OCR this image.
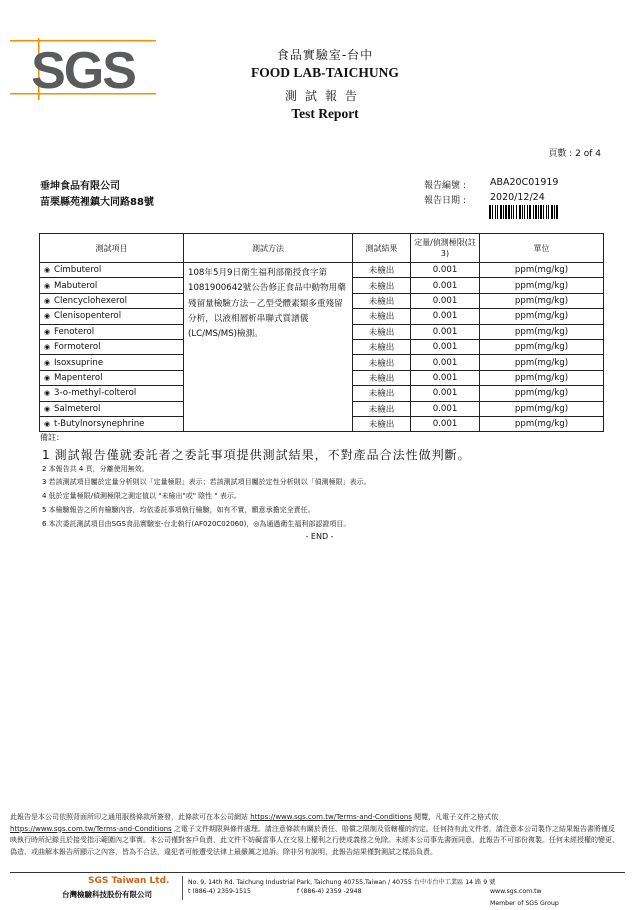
SGS	食品實驗室-台中
FOOD LAB-TAICHUNG
測試報告
Test Report
頁數 : 2 of 4
垂坤食品有限公司
苗栗縣苑裡鎮大同路88號
報告編號 :	ABA20C01919
報告日期 :	2020/12/24
測試項目	測試方法	測試結果	定量/偵測極限(註3)	單位
◉ Cimbuterol	108年5月9日衛生福利部衛授食字第1081900642號公告修正食品中動物用藥殘留量檢驗方法－乙型受體素類多重殘留分析，以液相層析串聯式質譜儀(LC/MS/MS)檢測。	未檢出	0.001	ppm(mg/kg)
◉ Mabuterol		未檢出	0.001	ppm(mg/kg)
◉ Clencyclohexerol		未檢出	0.001	ppm(mg/kg)
◉ Clenisopenterol		未檢出	0.001	ppm(mg/kg)
◉ Fenoterol		未檢出	0.001	ppm(mg/kg)
◉ Formoterol		未檢出	0.001	ppm(mg/kg)
◉ Isoxsuprine		未檢出	0.001	ppm(mg/kg)
◉ Mapenterol		未檢出	0.001	ppm(mg/kg)
◉ 3-o-methyl-colterol		未檢出	0.001	ppm(mg/kg)
◉ Salmeterol		未檢出	0.001	ppm(mg/kg)
◉ t-Butylnorsynephrine		未檢出	0.001	ppm(mg/kg)
備註：
1 測試報告僅就委託者之委託事項提供測試結果，不對產品合法性做判斷。
2 本報告共 4 頁，分離使用無效。
3 若該測試項目屬於定量分析則以「定量極限」表示；若該測試項目屬於定性分析則以「偵測極限」表示。
4 低於定量極限/偵測極限之測定值以 "未檢出"或" 陰性 " 表示。
5 本檢驗報告之所有檢驗內容，均依委託事項執行檢驗，如有不實，願意承擔完全責任。
6 本次委託測試項目由SGS食品實驗室-台北執行(AF020C02060)，◎為通過衛生福利部認證項目。
- END -
此報告是本公司依照背面所印之通用服務條款所簽發，此條款可在本公司網站 https://www.sgs.com.tw/Terms-and-Conditions 閱覽，凡電子文件之格式依
https://www.sgs.com.tw/Terms-and-Conditions 之電子文件期限與條件處理。請注意條款有關於責任、賠償之限制及管轄權的約定。任何持有此文件者，請注意本公司製作之結果報告書將僅反映執行時所紀錄且於接受指示範圍內之事實。本公司僅對客戶負責，此文件不妨礙當事人在交易上權利之行使或義務之免除。未經本公司事先書面同意，此報告不可部份複製。任何未經授權的變更、偽造、或曲解本報告所顯示之內容，皆為不合法，違犯者可能遭受法律上最嚴厲之追訴。除非另有說明，此報告結果僅對測試之樣品負責。
SGS Taiwan Ltd.
台灣檢驗科技股份有限公司
No. 9, 14th Rd. Taichung Industrial Park, Taichung 40755,Taiwan / 40755 台中市台中工業區 14 路 9 號
t (886-4) 2359-1515	f (886-4) 2359 -2948	www.sgs.com.tw
Member of SGS Group
